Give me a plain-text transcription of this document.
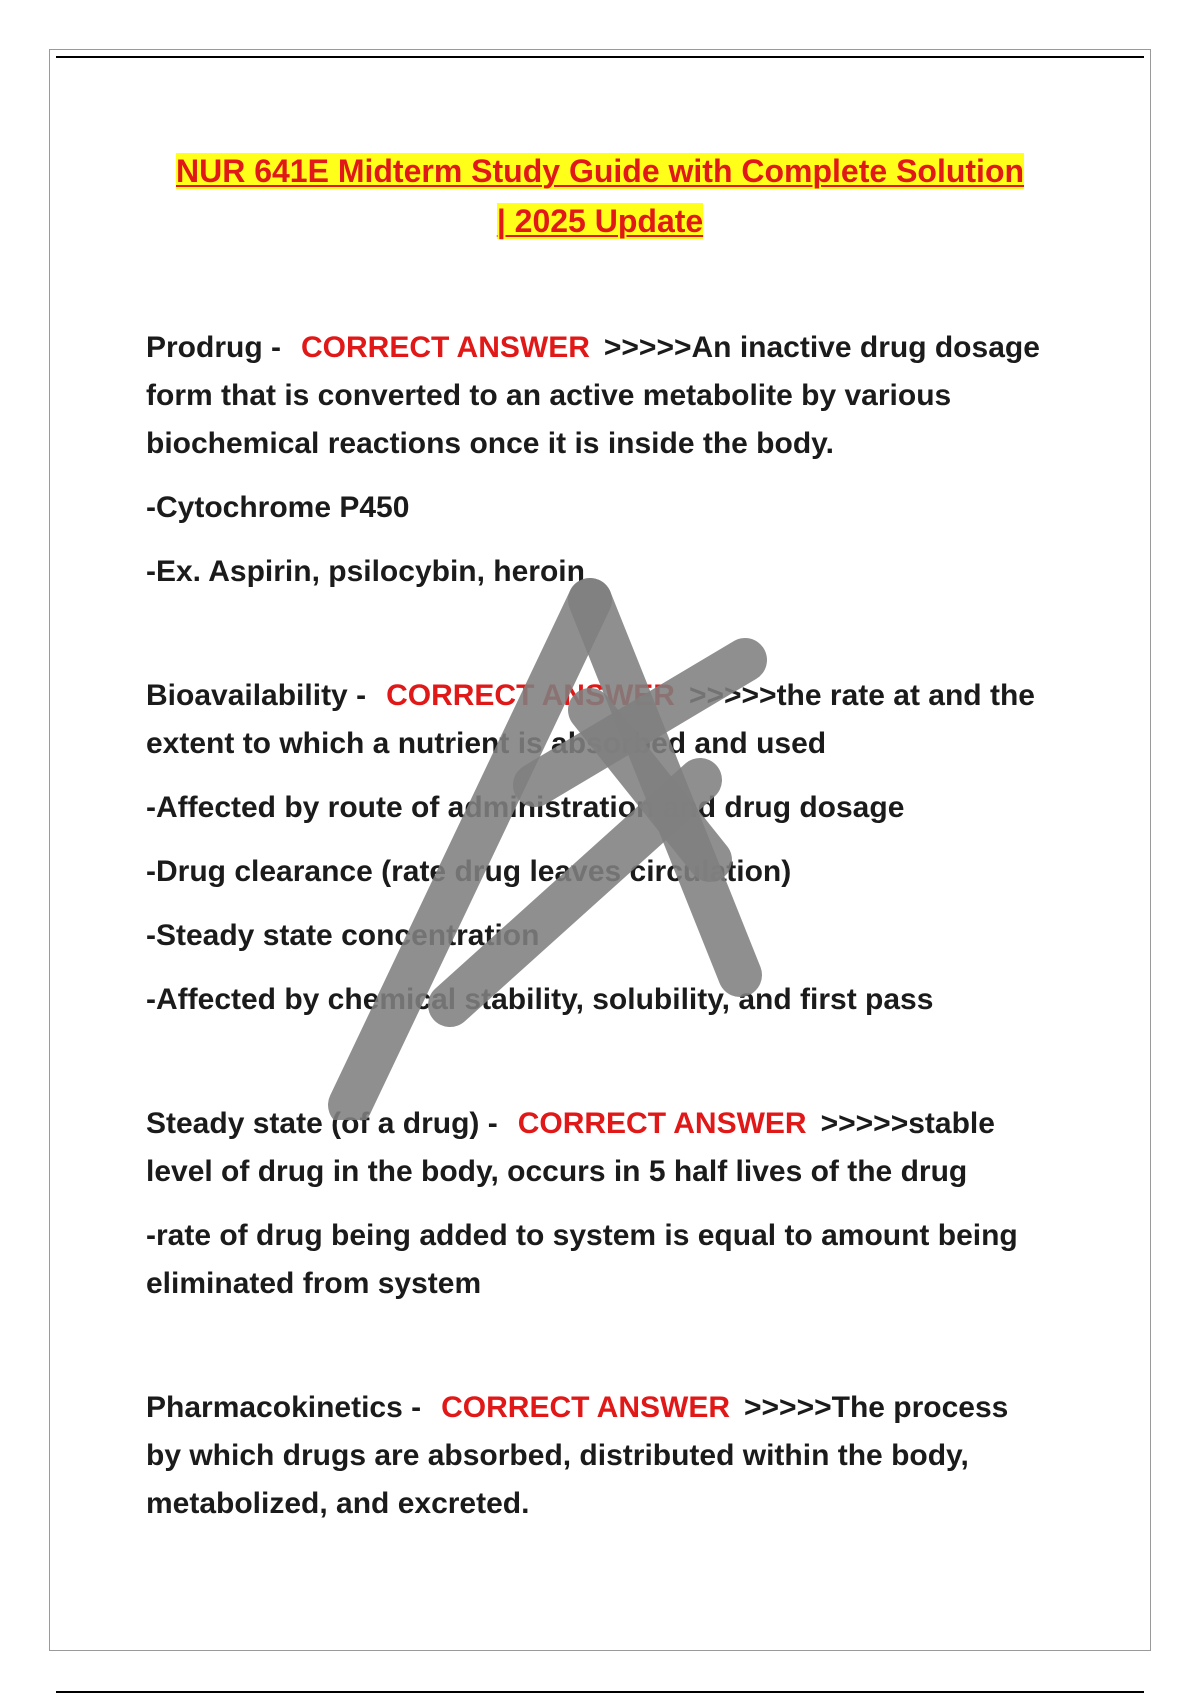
NUR 641E Midterm Study Guide with Complete Solution
| 2025 Update

Prodrug - CORRECT ANSWER >>>>>An inactive drug dosage form that is converted to an active metabolite by various biochemical reactions once it is inside the body.

-Cytochrome P450

-Ex. Aspirin, psilocybin, heroin

Bioavailability - CORRECT ANSWER >>>>>the rate at and the extent to which a nutrient is absorbed and used

-Affected by route of administration and drug dosage

-Drug clearance (rate drug leaves circulation)

-Steady state concentration

-Affected by chemical stability, solubility, and first pass

Steady state (of a drug) - CORRECT ANSWER >>>>>stable level of drug in the body, occurs in 5 half lives of the drug

-rate of drug being added to system is equal to amount being eliminated from system

Pharmacokinetics - CORRECT ANSWER >>>>>The process by which drugs are absorbed, distributed within the body, metabolized, and excreted.
